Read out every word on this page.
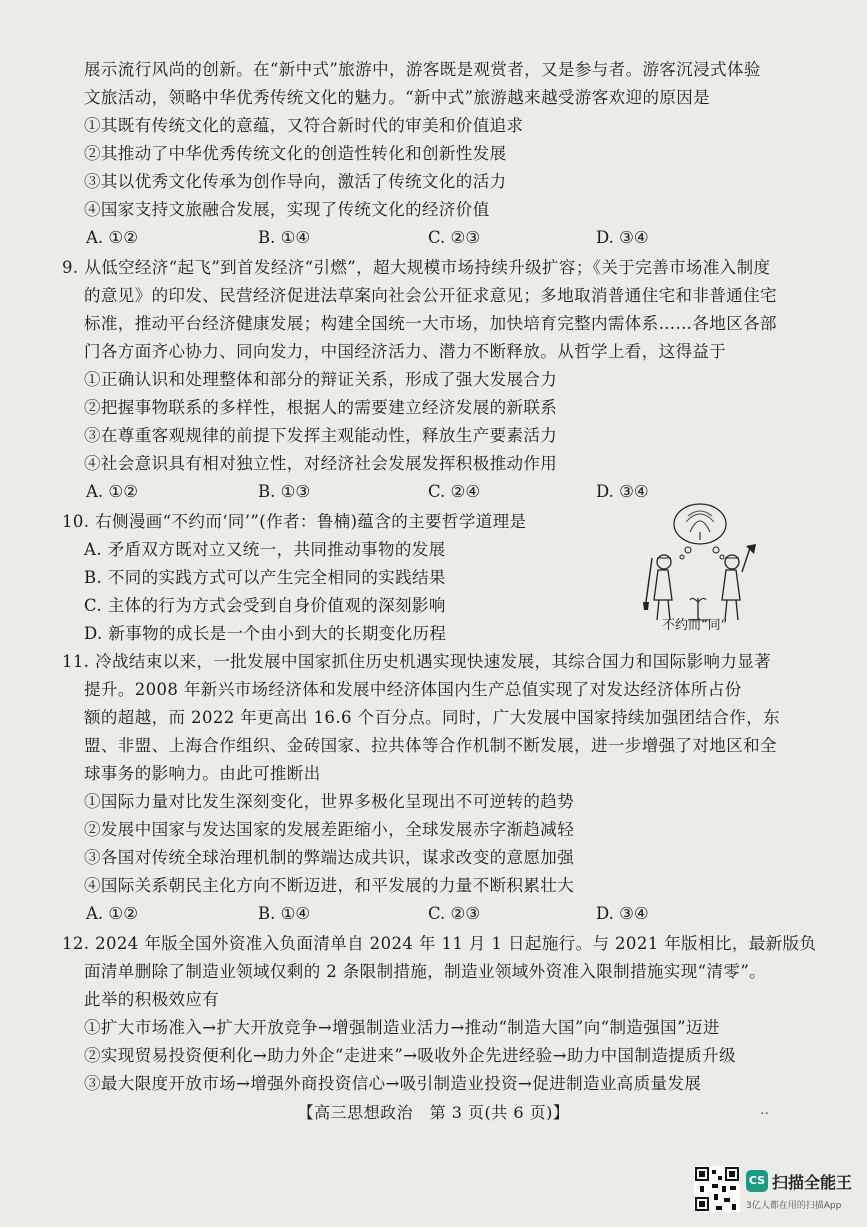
展示流行风尚的创新。在“新中式”旅游中，游客既是观赏者，又是参与者。游客沉浸式体验
文旅活动，领略中华优秀传统文化的魅力。“新中式”旅游越来越受游客欢迎的原因是
①其既有传统文化的意蕴，又符合新时代的审美和价值追求
②其推动了中华优秀传统文化的创造性转化和创新性发展
③其以优秀文化传承为创作导向，激活了传统文化的活力
④国家支持文旅融合发展，实现了传统文化的经济价值
A. ①②	B. ①④	C. ②③	D. ③④
9. 从低空经济“起飞”到首发经济“引燃”，超大规模市场持续升级扩容；《关于完善市场准入制度
的意见》的印发、民营经济促进法草案向社会公开征求意见；多地取消普通住宅和非普通住宅
标准，推动平台经济健康发展；构建全国统一大市场，加快培育完整内需体系……各地区各部
门各方面齐心协力、同向发力，中国经济活力、潜力不断释放。从哲学上看，这得益于
①正确认识和处理整体和部分的辩证关系，形成了强大发展合力
②把握事物联系的多样性，根据人的需要建立经济发展的新联系
③在尊重客观规律的前提下发挥主观能动性，释放生产要素活力
④社会意识具有相对独立性，对经济社会发展发挥积极推动作用
A. ①②	B. ①③	C. ②④	D. ③④
10. 右侧漫画“不约而‘同’”(作者：鲁楠)蕴含的主要哲学道理是
A. 矛盾双方既对立又统一，共同推动事物的发展
B. 不同的实践方式可以产生完全相同的实践结果
C. 主体的行为方式会受到自身价值观的深刻影响
D. 新事物的成长是一个由小到大的长期变化历程	不约而“同”
11. 冷战结束以来，一批发展中国家抓住历史机遇实现快速发展，其综合国力和国际影响力显著
提升。2008 年新兴市场经济体和发展中经济体国内生产总值实现了对发达经济体所占份
额的超越，而 2022 年更高出 16.6 个百分点。同时，广大发展中国家持续加强团结合作，东
盟、非盟、上海合作组织、金砖国家、拉共体等合作机制不断发展，进一步增强了对地区和全
球事务的影响力。由此可推断出
①国际力量对比发生深刻变化，世界多极化呈现出不可逆转的趋势
②发展中国家与发达国家的发展差距缩小，全球发展赤字渐趋减轻
③各国对传统全球治理机制的弊端达成共识，谋求改变的意愿加强
④国际关系朝民主化方向不断迈进，和平发展的力量不断积累壮大
A. ①②	B. ①④	C. ②③	D. ③④
12. 2024 年版全国外资准入负面清单自 2024 年 11 月 1 日起施行。与 2021 年版相比，最新版负
面清单删除了制造业领域仅剩的 2 条限制措施，制造业领域外资准入限制措施实现“清零”。
此举的积极效应有
①扩大市场准入→扩大开放竞争→增强制造业活力→推动“制造大国”向“制造强国”迈进
②实现贸易投资便利化→助力外企“走进来”→吸收外企先进经验→助力中国制造提质升级
③最大限度开放市场→增强外商投资信心→吸引制造业投资→促进制造业高质量发展
【高三思想政治　第 3 页(共 6 页)】	..
CS 扫描全能王
3亿人都在用的扫描App
